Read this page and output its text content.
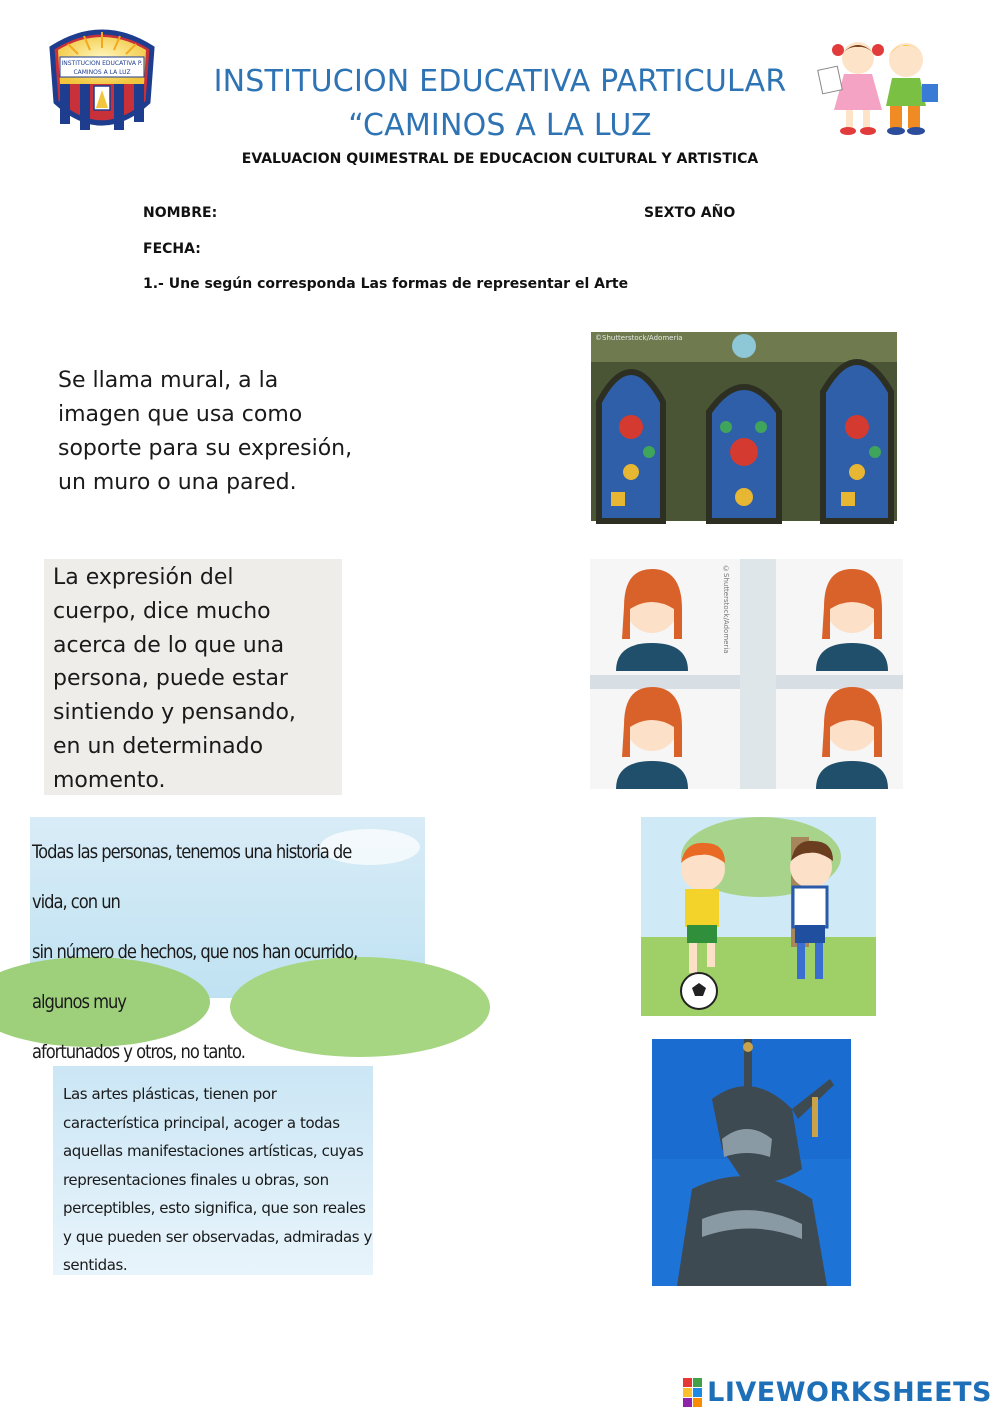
INSTITUCION EDUCATIVA P.
CAMINOS A LA LUZ	INSTITUCION EDUCATIVA PARTICULAR
“CAMINOS A LA LUZ
EVALUACION QUIMESTRAL DE EDUCACION CULTURAL Y ARTISTICA
NOMBRE:	SEXTO AÑO
FECHA:
1.- Une según corresponda Las formas de representar el Arte
Se llama mural, a la
imagen que usa como
soporte para su expresión,
un muro o una pared.
La expresión del
cuerpo, dice mucho
acerca de lo que una
persona, puede estar
sintiendo y pensando,
en un determinado
momento.
Todas las personas, tenemos una historia de vida, con un
sin número de hechos, que nos han ocurrido, algunos muy
afortunados y otros, no tanto.
Las artes plásticas, tienen por
característica principal, acoger a todas
aquellas manifestaciones artísticas, cuyas
representaciones finales u obras, son
perceptibles, esto significa, que son reales
y que pueden ser observadas, admiradas y
sentidas.
©Shutterstock/Adomeria
©Shutterstock/Adomeria
LIVEWORKSHEETS
